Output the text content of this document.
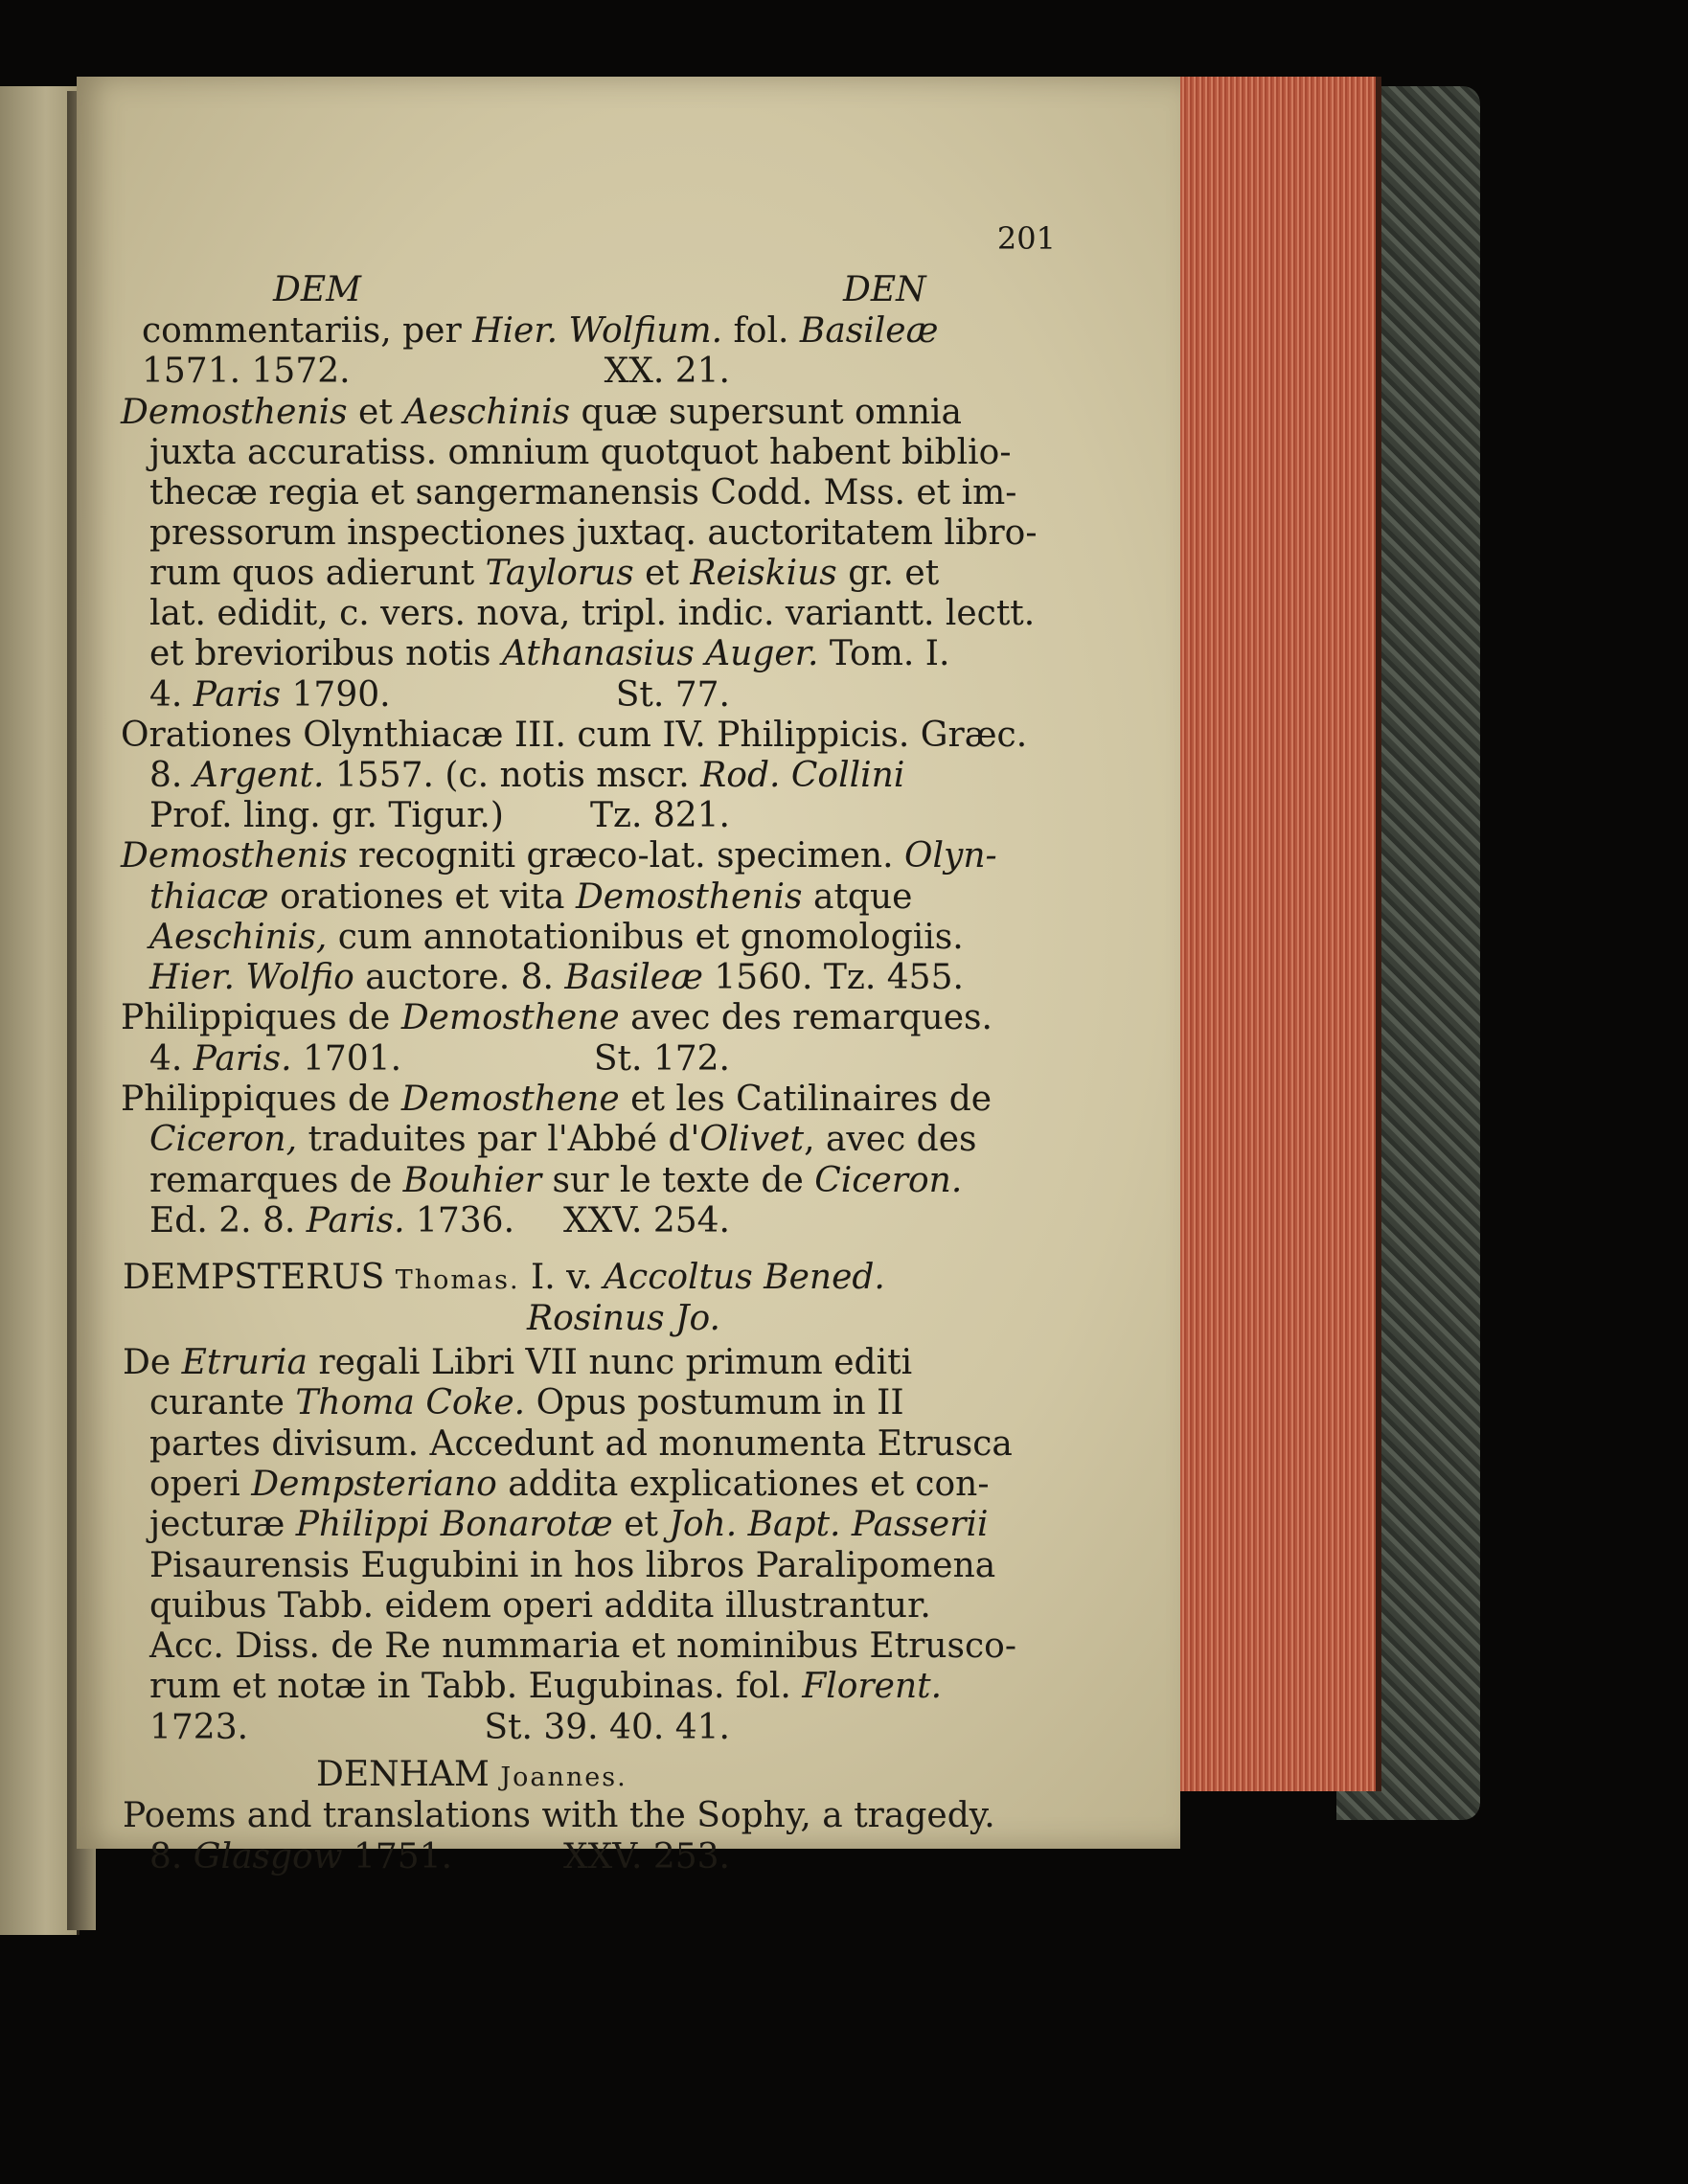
201
DEM	DEN
commentariis, per Hier. Wolfium. fol. Basileæ
1571. 1572.	XX. 21.
Demosthenis et Aeschinis quæ supersunt omnia
juxta accuratiss. omnium quotquot habent biblio-
thecæ regia et sangermanensis Codd. Mss. et im-
pressorum inspectiones juxtaq. auctoritatem libro-
rum quos adierunt Taylorus et Reiskius gr. et
lat. edidit, c. vers. nova, tripl. indic. variantt. lectt.
et brevioribus notis Athanasius Auger. Tom. I.
4. Paris 1790.	St. 77.
Orationes Olynthiacæ III. cum IV. Philippicis. Græc.
8. Argent. 1557. (c. notis mscr. Rod. Collini
Prof. ling. gr. Tigur.)	Tz. 821.
Demosthenis recogniti græco-lat. specimen. Olyn-
thiacæ orationes et vita Demosthenis atque
Aeschinis, cum annotationibus et gnomologiis.
Hier. Wolfio auctore. 8. Basileæ 1560. Tz. 455.
Philippiques de Demosthene avec des remarques.
4. Paris. 1701.	St. 172.
Philippiques de Demosthene et les Catilinaires de
Ciceron, traduites par l'Abbé d'Olivet, avec des
remarques de Bouhier sur le texte de Ciceron.
Ed. 2. 8. Paris. 1736. XXV. 254.
DEMPSTERUS Thomas. I. v. Accoltus Bened.
Rosinus Jo.
De Etruria regali Libri VII nunc primum editi
curante Thoma Coke. Opus postumum in II
partes divisum. Accedunt ad monumenta Etrusca
operi Dempsteriano addita explicationes et con-
jecturæ Philippi Bonarotæ et Joh. Bapt. Passerii
Pisaurensis Eugubini in hos libros Paralipomena
quibus Tabb. eidem operi addita illustrantur.
Acc. Diss. de Re nummaria et nominibus Etrusco-
rum et notæ in Tabb. Eugubinas. fol. Florent.
1723.	St. 39. 40. 41.
DENHAM Joannes.
Poems and translations with the Sophy, a tragedy.
8. Glasgow 1751.	XXV. 253.
